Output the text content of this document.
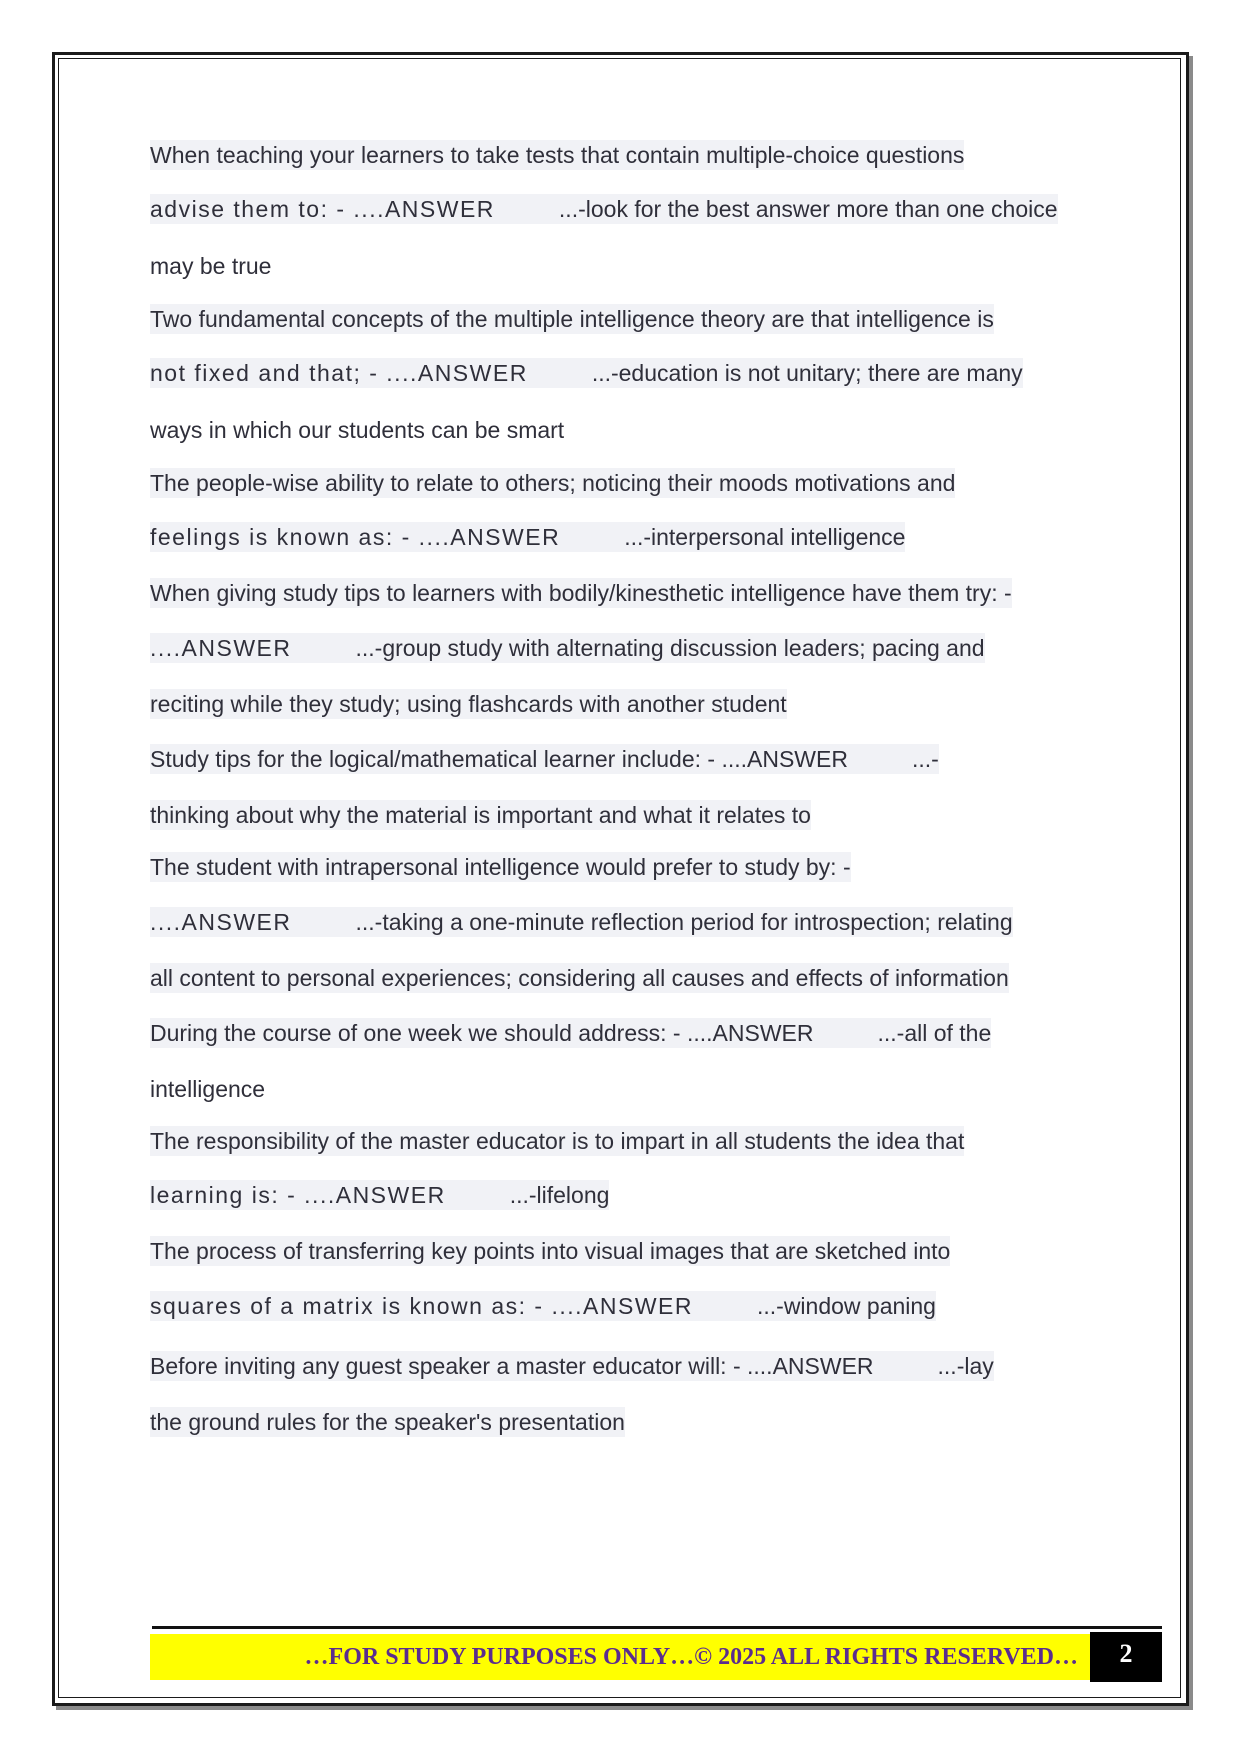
When teaching your learners to take tests that contain multiple-choice questions
advise them to: - ....ANSWER	...-look for the best answer more than one choice
may be true
Two fundamental concepts of the multiple intelligence theory are that intelligence is
not fixed and that; - ....ANSWER	...-education is not unitary; there are many
ways in which our students can be smart
The people-wise ability to relate to others; noticing their moods motivations and
feelings is known as: - ....ANSWER	...-interpersonal intelligence
When giving study tips to learners with bodily/kinesthetic intelligence have them try: -
....ANSWER	...-group study with alternating discussion leaders; pacing and
reciting while they study; using flashcards with another student
Study tips for the logical/mathematical learner include: - ....ANSWER	...-
thinking about why the material is important and what it relates to
The student with intrapersonal intelligence would prefer to study by: -
....ANSWER	...-taking a one-minute reflection period for introspection; relating
all content to personal experiences; considering all causes and effects of information
During the course of one week we should address: - ....ANSWER	...-all of the
intelligence
The responsibility of the master educator is to impart in all students the idea that
learning is: - ....ANSWER	...-lifelong
The process of transferring key points into visual images that are sketched into
squares of a matrix is known as: - ....ANSWER	...-window paning
Before inviting any guest speaker a master educator will: - ....ANSWER	...-lay
the ground rules for the speaker's presentation
…FOR STUDY PURPOSES ONLY…© 2025 ALL RIGHTS RESERVED…	2
